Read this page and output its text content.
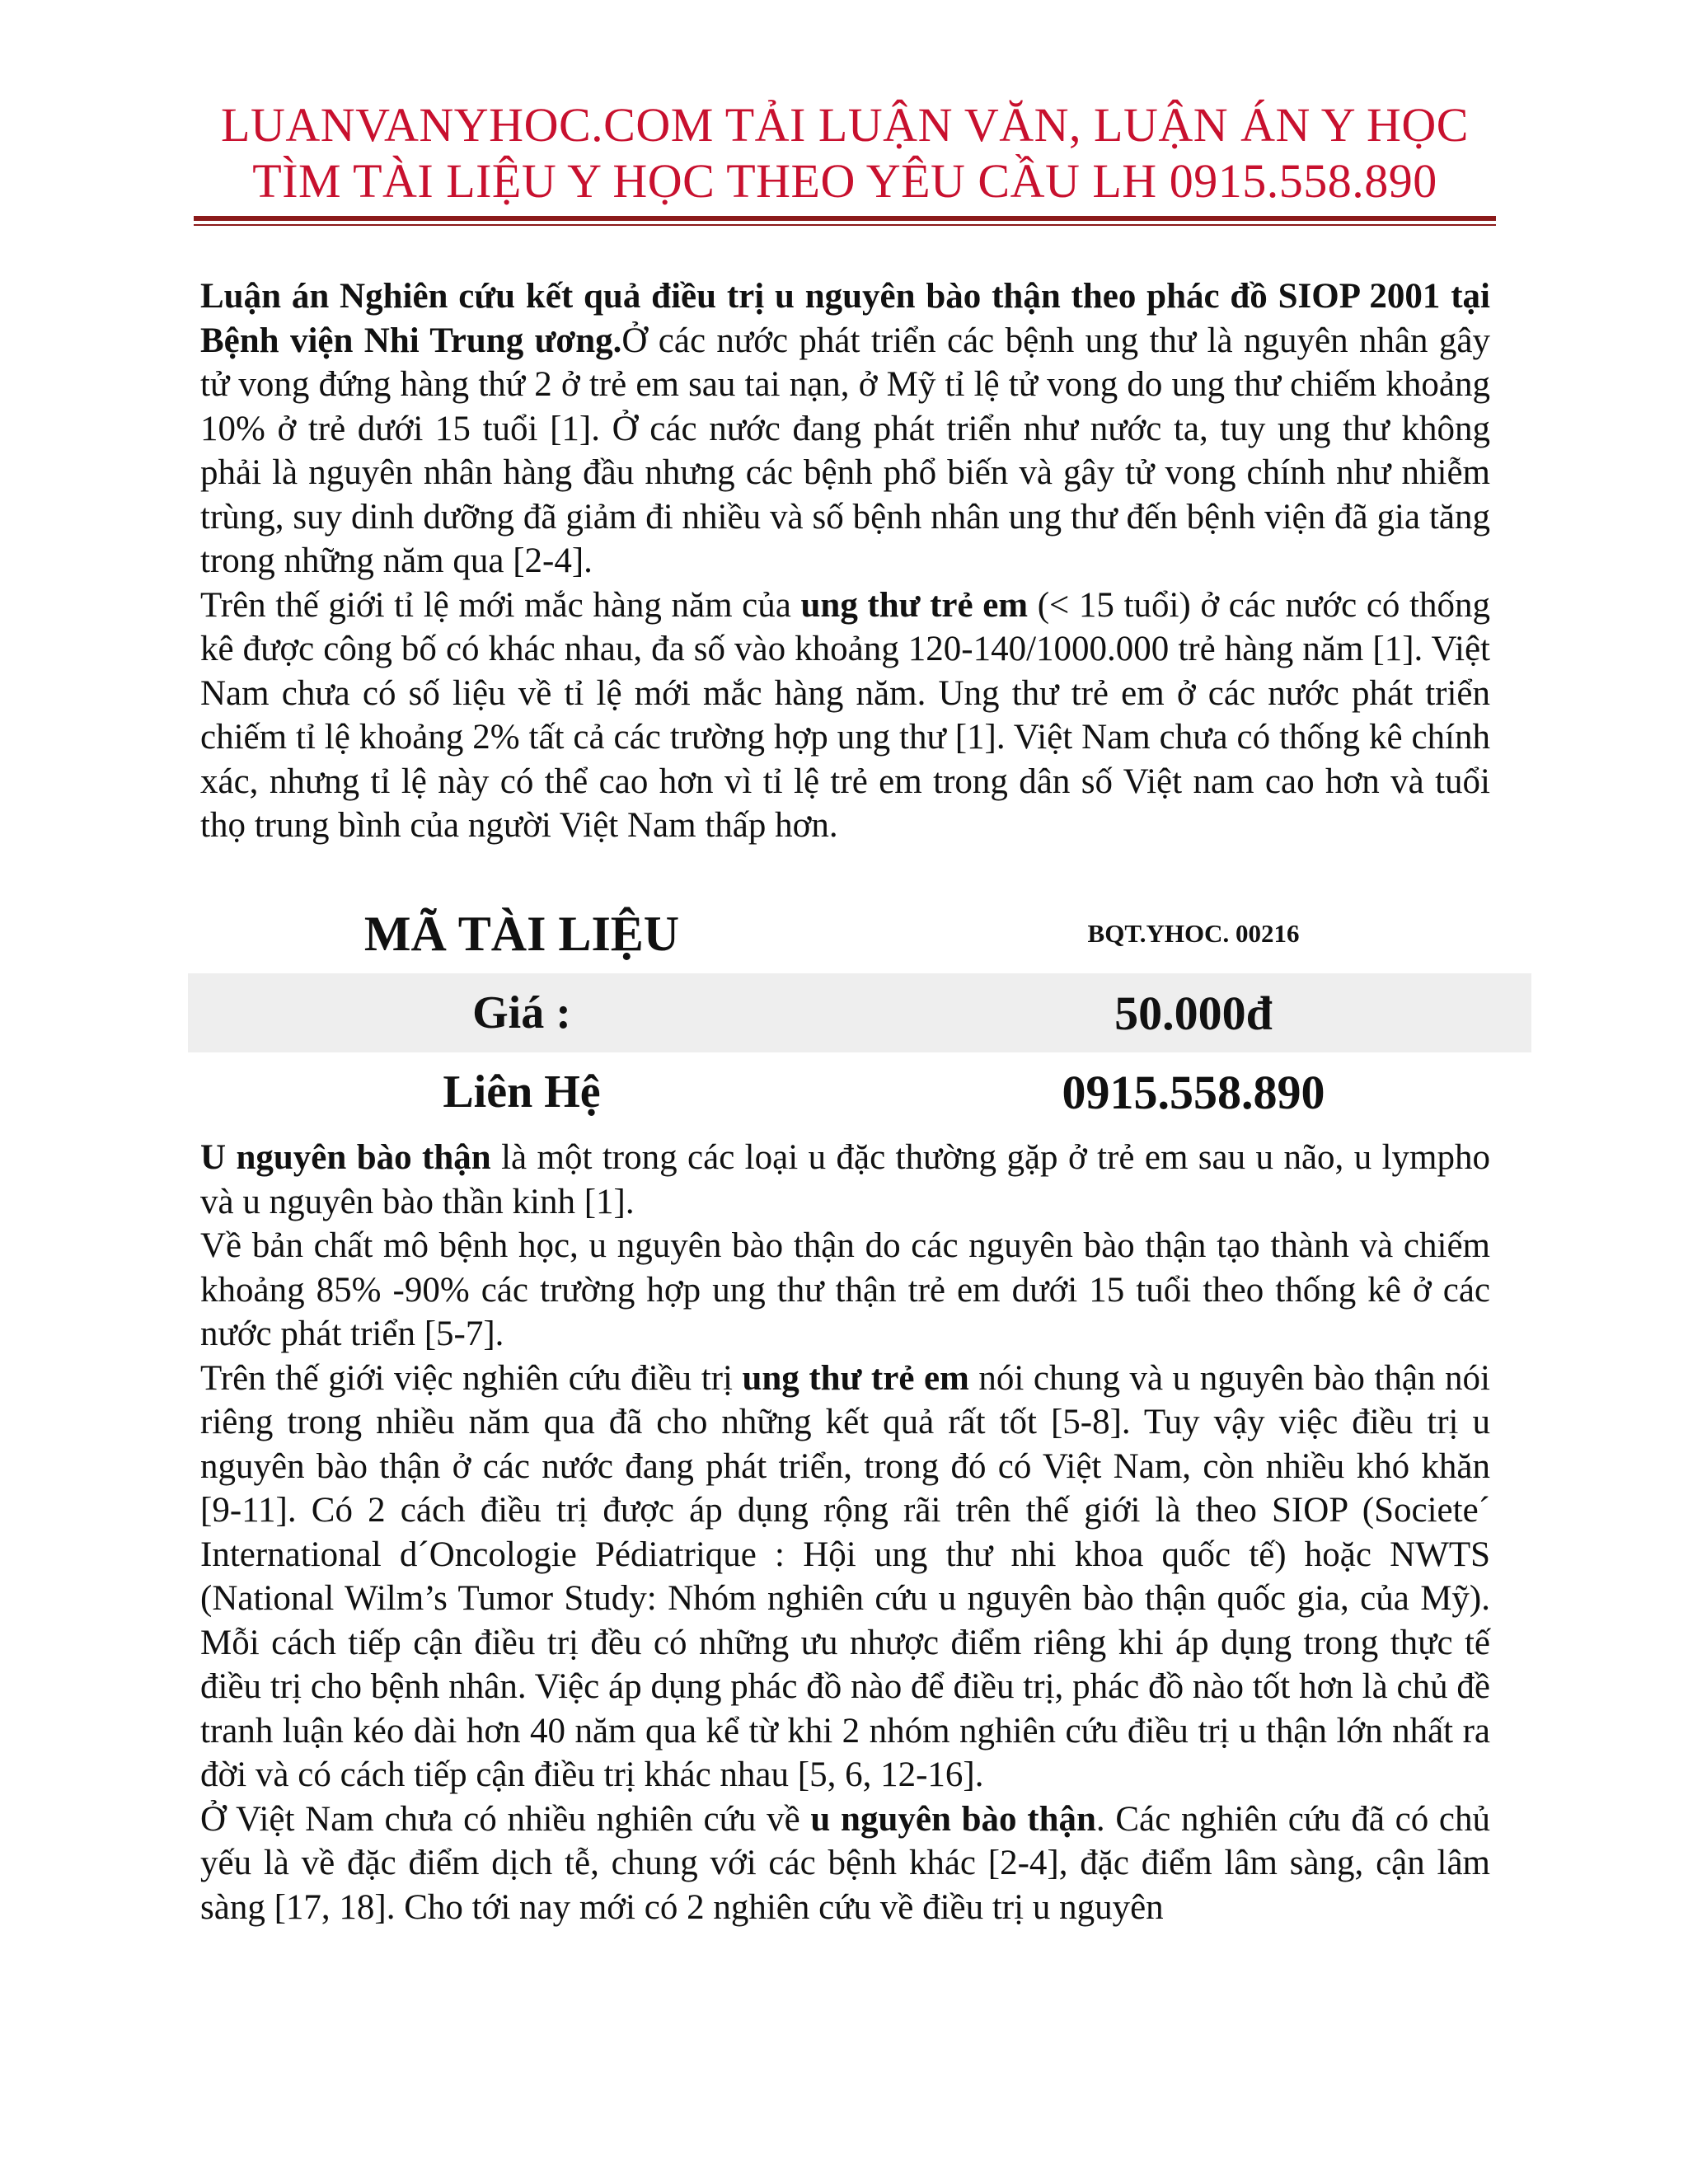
LUANVANYHOC.COM TẢI LUẬN VĂN, LUẬN ÁN Y HỌC
TÌM TÀI LIỆU Y HỌC THEO YÊU CẦU LH 0915.558.890

Luận án Nghiên cứu kết quả điều trị u nguyên bào thận theo phác đồ SIOP 2001 tại Bệnh viện Nhi Trung ương.Ở các nước phát triển các bệnh ung thư là nguyên nhân gây tử vong đứng hàng thứ 2 ở trẻ em sau tai nạn, ở Mỹ tỉ lệ tử vong do ung thư chiếm khoảng 10% ở trẻ dưới 15 tuổi [1]. Ở các nước đang phát triển như nước ta, tuy ung thư không phải là nguyên nhân hàng đầu nhưng các bệnh phổ biến và gây tử vong chính như nhiễm trùng, suy dinh dưỡng đã giảm đi nhiều và số bệnh nhân ung thư đến bệnh viện đã gia tăng trong những năm qua [2-4].

Trên thế giới tỉ lệ mới mắc hàng năm của ung thư trẻ em (< 15 tuổi) ở các nước có thống kê được công bố có khác nhau, đa số vào khoảng 120-140/1000.000 trẻ hàng năm [1]. Việt Nam chưa có số liệu về tỉ lệ mới mắc hàng năm. Ung thư trẻ em ở các nước phát triển chiếm tỉ lệ khoảng 2% tất cả các trường hợp ung thư [1]. Việt Nam chưa có thống kê chính xác, nhưng tỉ lệ này có thể cao hơn vì tỉ lệ trẻ em trong dân số Việt nam cao hơn và tuổi thọ trung bình của người Việt Nam thấp hơn.

MÃ TÀI LIỆU	BQT.YHOC. 00216
Giá :	50.000đ
Liên Hệ	0915.558.890

U nguyên bào thận là một trong các loại u đặc thường gặp ở trẻ em sau u não, u lympho và u nguyên bào thần kinh [1].

Về bản chất mô bệnh học, u nguyên bào thận do các nguyên bào thận tạo thành và chiếm khoảng 85% -90% các trường hợp ung thư thận trẻ em dưới 15 tuổi theo thống kê ở các nước phát triển [5-7].

Trên thế giới việc nghiên cứu điều trị ung thư trẻ em nói chung và u nguyên bào thận nói riêng trong nhiều năm qua đã cho những kết quả rất tốt [5-8]. Tuy vậy việc điều trị u nguyên bào thận ở các nước đang phát triển, trong đó có Việt Nam, còn nhiều khó khăn [9-11]. Có 2 cách điều trị được áp dụng rộng rãi trên thế giới là theo SIOP (Societe´ International d´Oncologie Pédiatrique : Hội ung thư nhi khoa quốc tế) hoặc NWTS (National Wilm’s Tumor Study: Nhóm nghiên cứu u nguyên bào thận quốc gia, của Mỹ). Mỗi cách tiếp cận điều trị đều có những ưu nhược điểm riêng khi áp dụng trong thực tế điều trị cho bệnh nhân. Việc áp dụng phác đồ nào để điều trị, phác đồ nào tốt hơn là chủ đề tranh luận kéo dài hơn 40 năm qua kể từ khi 2 nhóm nghiên cứu điều trị u thận lớn nhất ra đời và có cách tiếp cận điều trị khác nhau [5, 6, 12-16].

Ở Việt Nam chưa có nhiều nghiên cứu về u nguyên bào thận. Các nghiên cứu đã có chủ yếu là về đặc điểm dịch tễ, chung với các bệnh khác [2-4], đặc điểm lâm sàng, cận lâm sàng [17, 18]. Cho tới nay mới có 2 nghiên cứu về điều trị u nguyên
